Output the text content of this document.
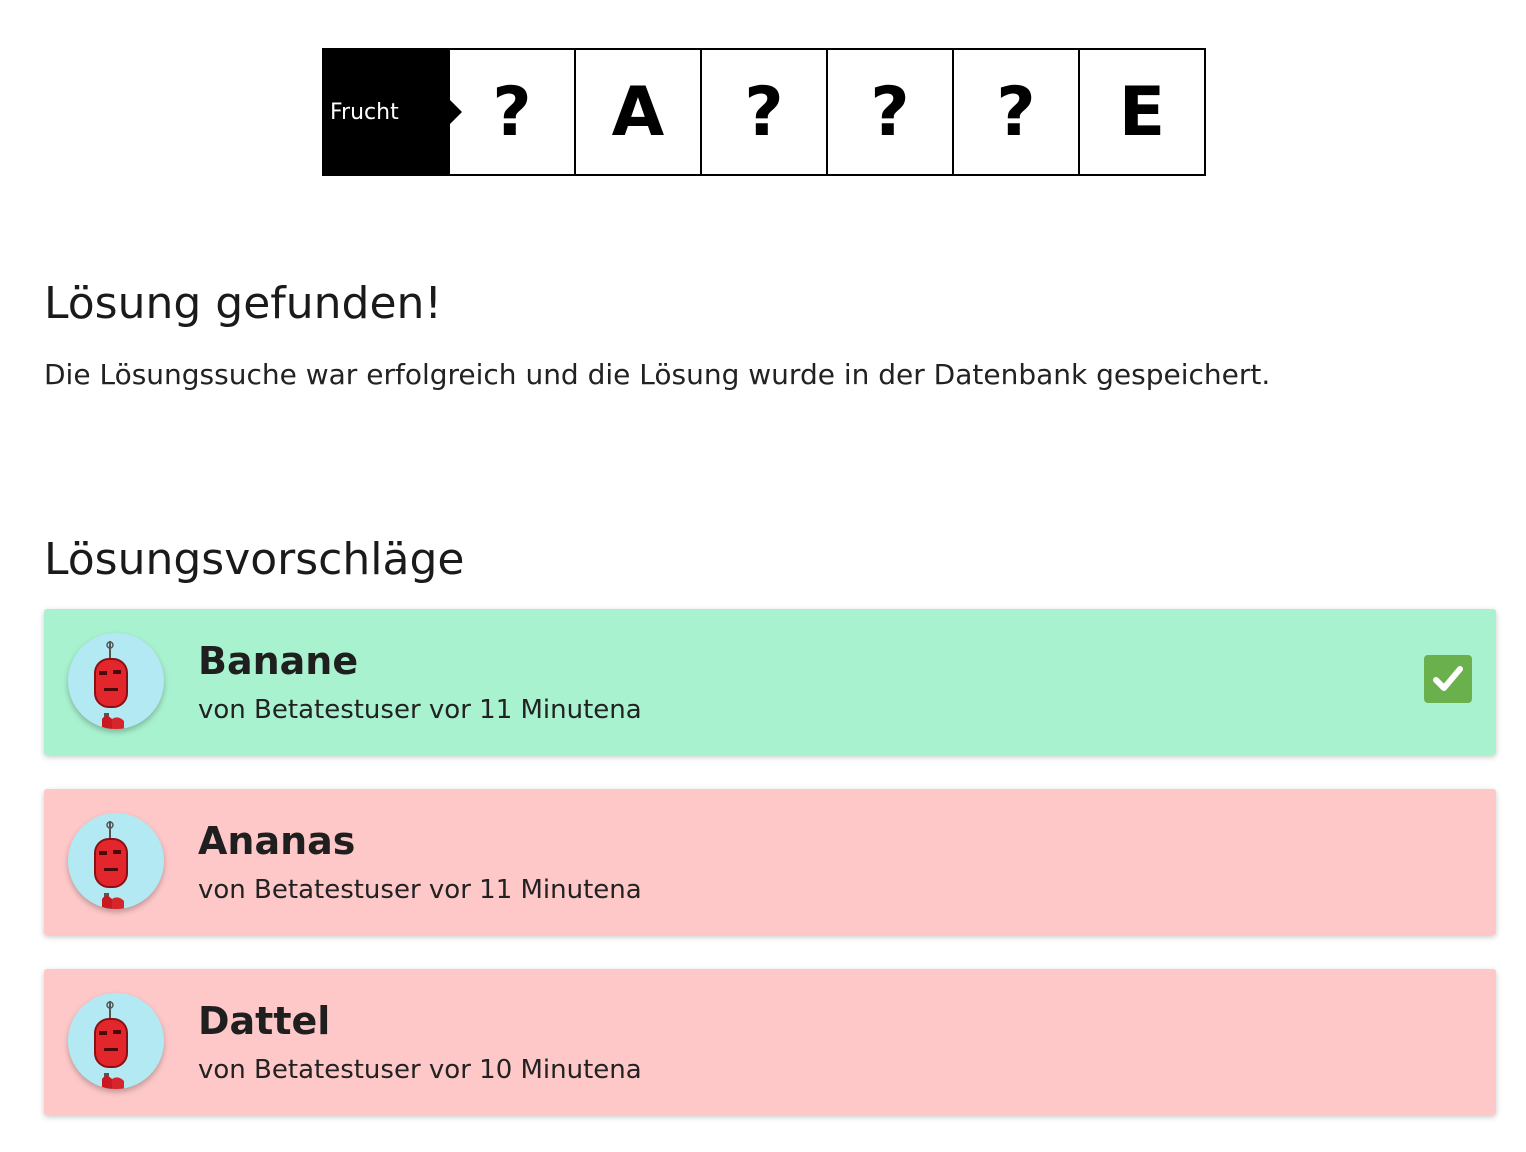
Frucht	?	A	?	?	?	E
Lösung gefunden!

Die Lösungssuche war erfolgreich und die Lösung wurde in der Datenbank gespeichert.

Lösungsvorschläge
Banane
von Betatestuser vor 11 Minutena
Ananas
von Betatestuser vor 11 Minutena
Dattel
von Betatestuser vor 10 Minutena
